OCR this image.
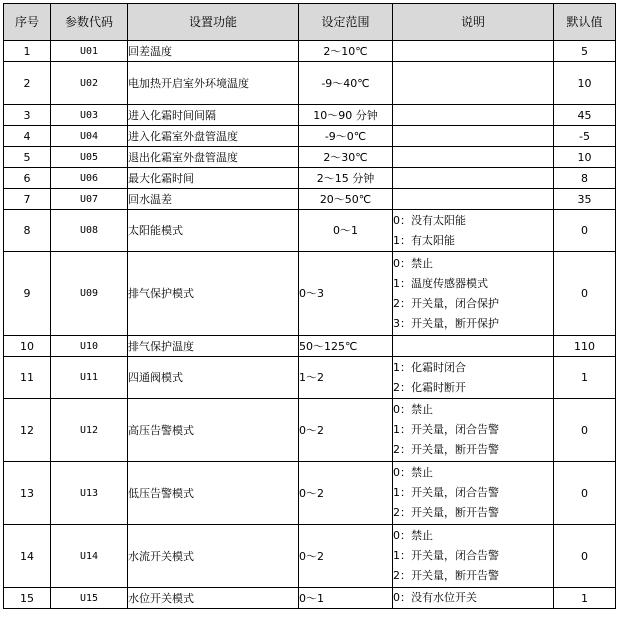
序号	参数代码	设置功能	设定范围	说明	默认值
1	U01	回差温度	2～10℃		5
2	U02	电加热开启室外环境温度	-9～40℃		10
3	U03	进入化霜时间间隔	10～90 分钟		45
4	U04	进入化霜室外盘管温度	-9～0℃		-5
5	U05	退出化霜室外盘管温度	2～30℃		10
6	U06	最大化霜时间	2～15 分钟		8
7	U07	回水温差	20～50℃		35
8	U08	太阳能模式	0～1	0：没有太阳能
1：有太阳能	0
9	U09	排气保护模式	0～3	0：禁止
1：温度传感器模式
2：开关量，闭合保护
3：开关量，断开保护	0
10	U10	排气保护温度	50～125℃		110
11	U11	四通阀模式	1～2	1：化霜时闭合
2：化霜时断开	1
12	U12	高压告警模式	0～2	0：禁止
1：开关量，闭合告警
2：开关量，断开告警	0
13	U13	低压告警模式	0～2	0：禁止
1：开关量，闭合告警
2：开关量，断开告警	0
14	U14	水流开关模式	0～2	0：禁止
1：开关量，闭合告警
2：开关量，断开告警	0
15	U15	水位开关模式	0～1	0：没有水位开关	1
